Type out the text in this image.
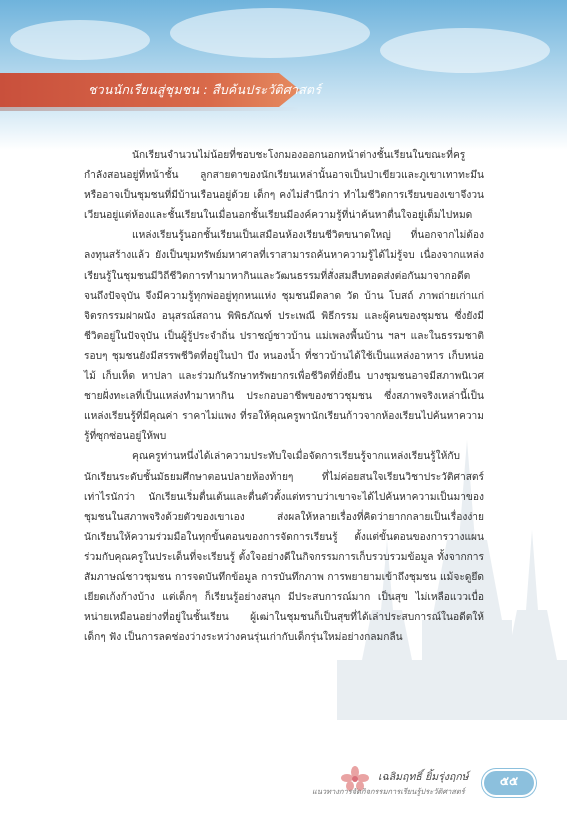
ชวนนักเรียนสู่ชุมชน : สืบค้นประวัติศาสตร์

นักเรียนจำนวนไม่น้อยที่ชอบชะโงกมองออกนอกหน้าต่างชั้นเรียนในขณะที่ครูกำลังสอนอยู่ที่หน้าชั้น ลูกสายตาของนักเรียนเหล่านั้นอาจเป็นป่าเขียวและภูเขาเทาทะมึน หรืออาจเป็นชุมชนที่มีบ้านเรือนอยู่ด้วย เด็กๆ คงไม่สำนึกว่า ทำไมชีวิตการเรียนของเขาจึงวนเวียนอยู่แต่ห้องและชั้นเรียนในเมื่อนอกชั้นเรียนมีองค์ความรู้ที่น่าค้นหาตื่นใจอยู่เต็มไปหมด

แหล่งเรียนรู้นอกชั้นเรียนเป็นเสมือนห้องเรียนชีวิตขนาดใหญ่ ที่นอกจากไม่ต้องลงทุนสร้างแล้ว ยังเป็นขุมทรัพย์มหาศาลที่เราสามารถค้นหาความรู้ได้ไม่รู้จบ เนื่องจากแหล่งเรียนรู้ในชุมชนมีวิถีชีวิตการทำมาหากินและวัฒนธรรมที่สั่งสมสืบทอดส่งต่อกันมาจากอดีตจนถึงปัจจุบัน จึงมีความรู้ทุกพ่ออยู่ทุกหนแห่ง ชุมชนมีตลาด วัด บ้าน โบสถ์ ภาพถ่ายเก่าแก่ จิตรกรรมฝาผนัง อนุสรณ์สถาน พิพิธภัณฑ์ ประเพณี พิธีกรรม และผู้คนของชุมชน ซึ่งยังมีชีวิตอยู่ในปัจจุบัน เป็นผู้รู้ประจำถิ่น ปราชญ์ชาวบ้าน แม่เพลงพื้นบ้าน ฯลฯ และในธรรมชาติรอบๆ ชุมชนยังมีสรรพชีวิตที่อยู่ในป่า บึง หนองน้ำ ที่ชาวบ้านได้ใช้เป็นแหล่งอาหาร เก็บหน่อไม้ เก็บเห็ด หาปลา และร่วมกันรักษาทรัพยากรเพื่อชีวิตที่ยั่งยืน บางชุมชนอาจมีสภาพนิเวศชายฝั่งทะเลที่เป็นแหล่งทำมาหากิน ประกอบอาชีพของชาวชุมชน ซึ่งสภาพจริงเหล่านี้เป็นแหล่งเรียนรู้ที่มีคุณค่า ราคาไม่แพง ที่รอให้คุณครูพานักเรียนก้าวจากห้องเรียนไปค้นหาความรู้ที่ซุกซ่อนอยู่ให้พบ

คุณครูท่านหนึ่งได้เล่าความประทับใจเมื่อจัดการเรียนรู้จากแหล่งเรียนรู้ให้กับนักเรียนระดับชั้นมัธยมศึกษาตอนปลายห้องท้ายๆ ที่ไม่ค่อยสนใจเรียนวิชาประวัติศาสตร์เท่าไรนักว่า นักเรียนเริ่มตื่นเต้นและตื่นตัวตั้งแต่ทราบว่าเขาจะได้ไปค้นหาความเป็นมาของชุมชนในสภาพจริงด้วยตัวของเขาเอง ส่งผลให้หลายเรื่องที่คิดว่ายากกลายเป็นเรื่องง่าย นักเรียนให้ความร่วมมือในทุกขั้นตอนของการจัดการเรียนรู้ ตั้งแต่ขั้นตอนของการวางแผนร่วมกับคุณครูในประเด็นที่จะเรียนรู้ ตั้งใจอย่างดีในกิจกรรมการเก็บรวบรวมข้อมูล ทั้งจากการสัมภาษณ์ชาวชุมชน การจดบันทึกข้อมูล การบันทึกภาพ การพยายามเข้าถึงชุมชน แม้จะดูยึดเยียดเก้งก้างบ้าง แต่เด็กๆ ก็เรียนรู้อย่างสนุก มีประสบการณ์มาก เป็นสุข ไม่เหลือแววเบื่อหน่ายเหมือนอย่างที่อยู่ในชั้นเรียน ผู้เฒ่าในชุมชนก็เป็นสุขที่ได้เล่าประสบการณ์ในอดีตให้เด็กๆ ฟัง เป็นการลดช่องว่างระหว่างคนรุ่นเก่ากับเด็กรุ่นใหม่อย่างกลมกลืน

เฉลิมฤทธิ์ ยิ้มรุ่งฤกษ์
แนวทางการจัดกิจกรรมการเรียนรู้ประวัติศาสตร์
๕๕
